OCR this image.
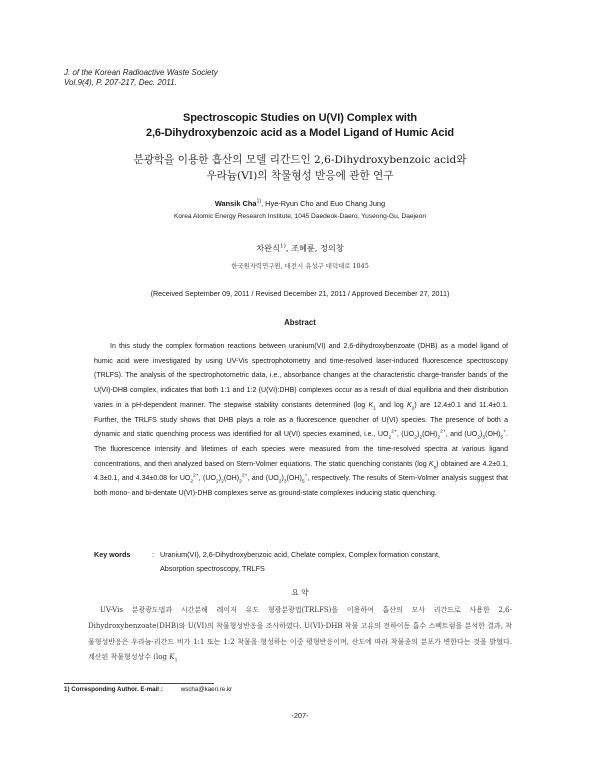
J. of the Korean Radioactive Waste Society
Vol.9(4), P. 207-217, Dec. 2011.
Spectroscopic Studies on U(VI) Complex with
2,6-Dihydroxybenzoic acid as a Model Ligand of Humic Acid
분광학을 이용한 흡산의 모델 리간드인 2,6-Dihydroxybenzoic acid와
우라늄(VI)의 착물형성 반응에 관한 연구
Wansik Cha$^{1)}$, Hye-Ryun Cho and Euo Chang Jung
Korea Atomic Energy Research Institute, 1045 Daedeok-Daero, Yuseong-Gu, Daejeon
차완식$^{1)}$, 조혜륜, 정의창
한국원자력연구원, 대전시 유성구 대덕대로 1045
(Received September 09, 2011 / Revised December 21, 2011 / Approved December 27, 2011)
Abstract
In this study the complex formation reactions between uranium(VI) and 2,6-dihydroxybenzoate (DHB) as a model ligand of humic acid were investigated by using UV-Vis spectrophotometry and time-resolved laser-induced fluorescence spectroscopy (TRLFS). The analysis of the spectrophotometric data, i.e., absorbance changes at the characteristic charge-transfer bands of the U(VI)-DHB complex, indicates that both 1:1 and 1:2 (U(VI):DHB) complexes occur as a result of dual equilibria and their distribution varies in a pH-dependent manner. The stepwise stability constants determined (log $K_1$ and $\log K_2$) are 12.4±0.1 and 11.4±0.1. Further, the TRLFS study shows that DHB plays a role as a fluorescence quencher of U(VI) species. The presence of both a dynamic and static quenching process was identified for all U(VI) species examined, i.e., $UO_2^{2+}$, $(UO_2)_2(OH)_2^{2+}$, and $(UO_2)_3(OH)_5^+$. The fluorescence intensity and lifetimes of each species were measured from the time-resolved spectra at various ligand concentrations, and then analyzed based on Stern-Volmer equations. The static quenching constants (log $K_s$) obtained are 4.2±0.1, 4.3±0.1, and 4.34±0.08 for $UO_2^{2+}$, $(UO_2)_2(OH)_2^{2+}$, and $(UO_2)_3(OH)_5^+$, respectively. The results of Stern-Volmer analysis suggest that both mono- and bi-dentate U(VI)-DHB complexes serve as ground-state complexes inducing static quenching.
Key words	: Uranium(VI), 2,6-Dihydroxybenzoic acid, Chelate complex, Complex formation constant,
Absorption spectroscopy, TRLFS
요 약
UV-Vis 분광광도법과 시간분해 레이저 유도 형광분광법(TRLFS)을 이용하여 흡산의 모사 리간드로 사용한 2,6-Dihydroxybenzoate(DHB)와 U(VI)의 착물형성반응을 조사하였다. U(VI)-DHB 착물 고유의 전하이동 흡수 스펙트럼을 분석한 결과, 착물형성반응은 우라늄-리간드 비가 1:1 또는 1:2 착물을 형성하는 이중 평형반응이며, 산도에 따라 착물종의 분포가 변한다는 것을 밝혔다. 계산된 착물형성상수 (log $K_1$
1) Corresponding Author. E-mail :	wscha@kaeri.re.kr
-207-
